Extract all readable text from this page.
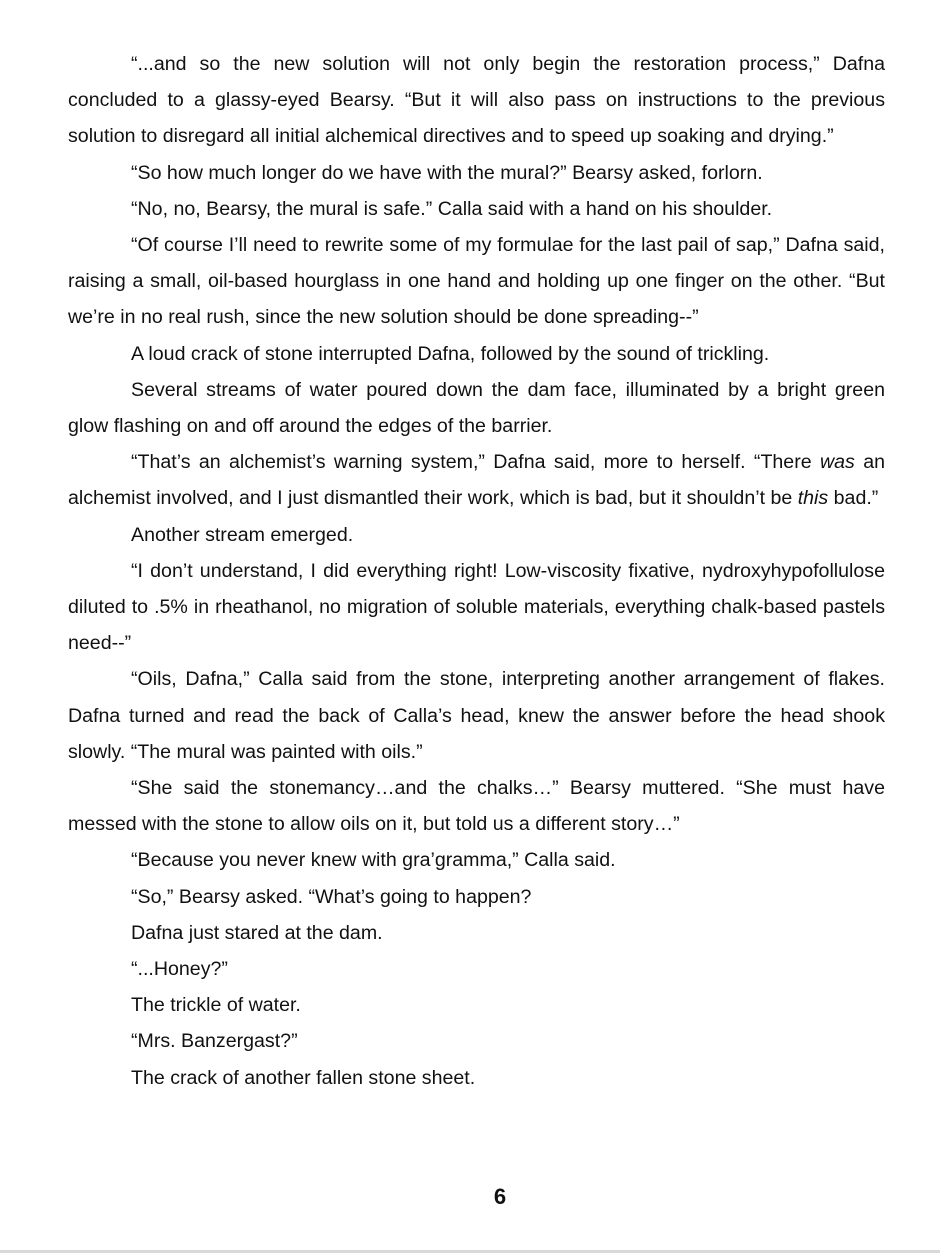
“...and so the new solution will not only begin the restoration process,” Dafna concluded to a glassy-eyed Bearsy. “But it will also pass on instructions to the previous solution to disregard all initial alchemical directives and to speed up soaking and drying.”

“So how much longer do we have with the mural?” Bearsy asked, forlorn.

“No, no, Bearsy, the mural is safe.” Calla said with a hand on his shoulder.

“Of course I’ll need to rewrite some of my formulae for the last pail of sap,” Dafna said, raising a small, oil-based hourglass in one hand and holding up one finger on the other. “But we’re in no real rush, since the new solution should be done spreading--”

A loud crack of stone interrupted Dafna, followed by the sound of trickling.

Several streams of water poured down the dam face, illuminated by a bright green glow flashing on and off around the edges of the barrier.

“That’s an alchemist’s warning system,” Dafna said, more to herself. “There was an alchemist involved, and I just dismantled their work, which is bad, but it shouldn’t be this bad.”

Another stream emerged.

“I don’t understand, I did everything right! Low-viscosity fixative, nydroxyhypofollulose diluted to .5% in rheathanol, no migration of soluble materials, everything chalk-based pastels need--”

“Oils, Dafna,” Calla said from the stone, interpreting another arrangement of flakes. Dafna turned and read the back of Calla’s head, knew the answer before the head shook slowly. “The mural was painted with oils.”

“She said the stonemancy…and the chalks…” Bearsy muttered. “She must have messed with the stone to allow oils on it, but told us a different story…”

“Because you never knew with gra’gramma,” Calla said.

“So,” Bearsy asked. “What’s going to happen?

Dafna just stared at the dam.

“...Honey?”

The trickle of water.

“Mrs. Banzergast?”

The crack of another fallen stone sheet.

6
